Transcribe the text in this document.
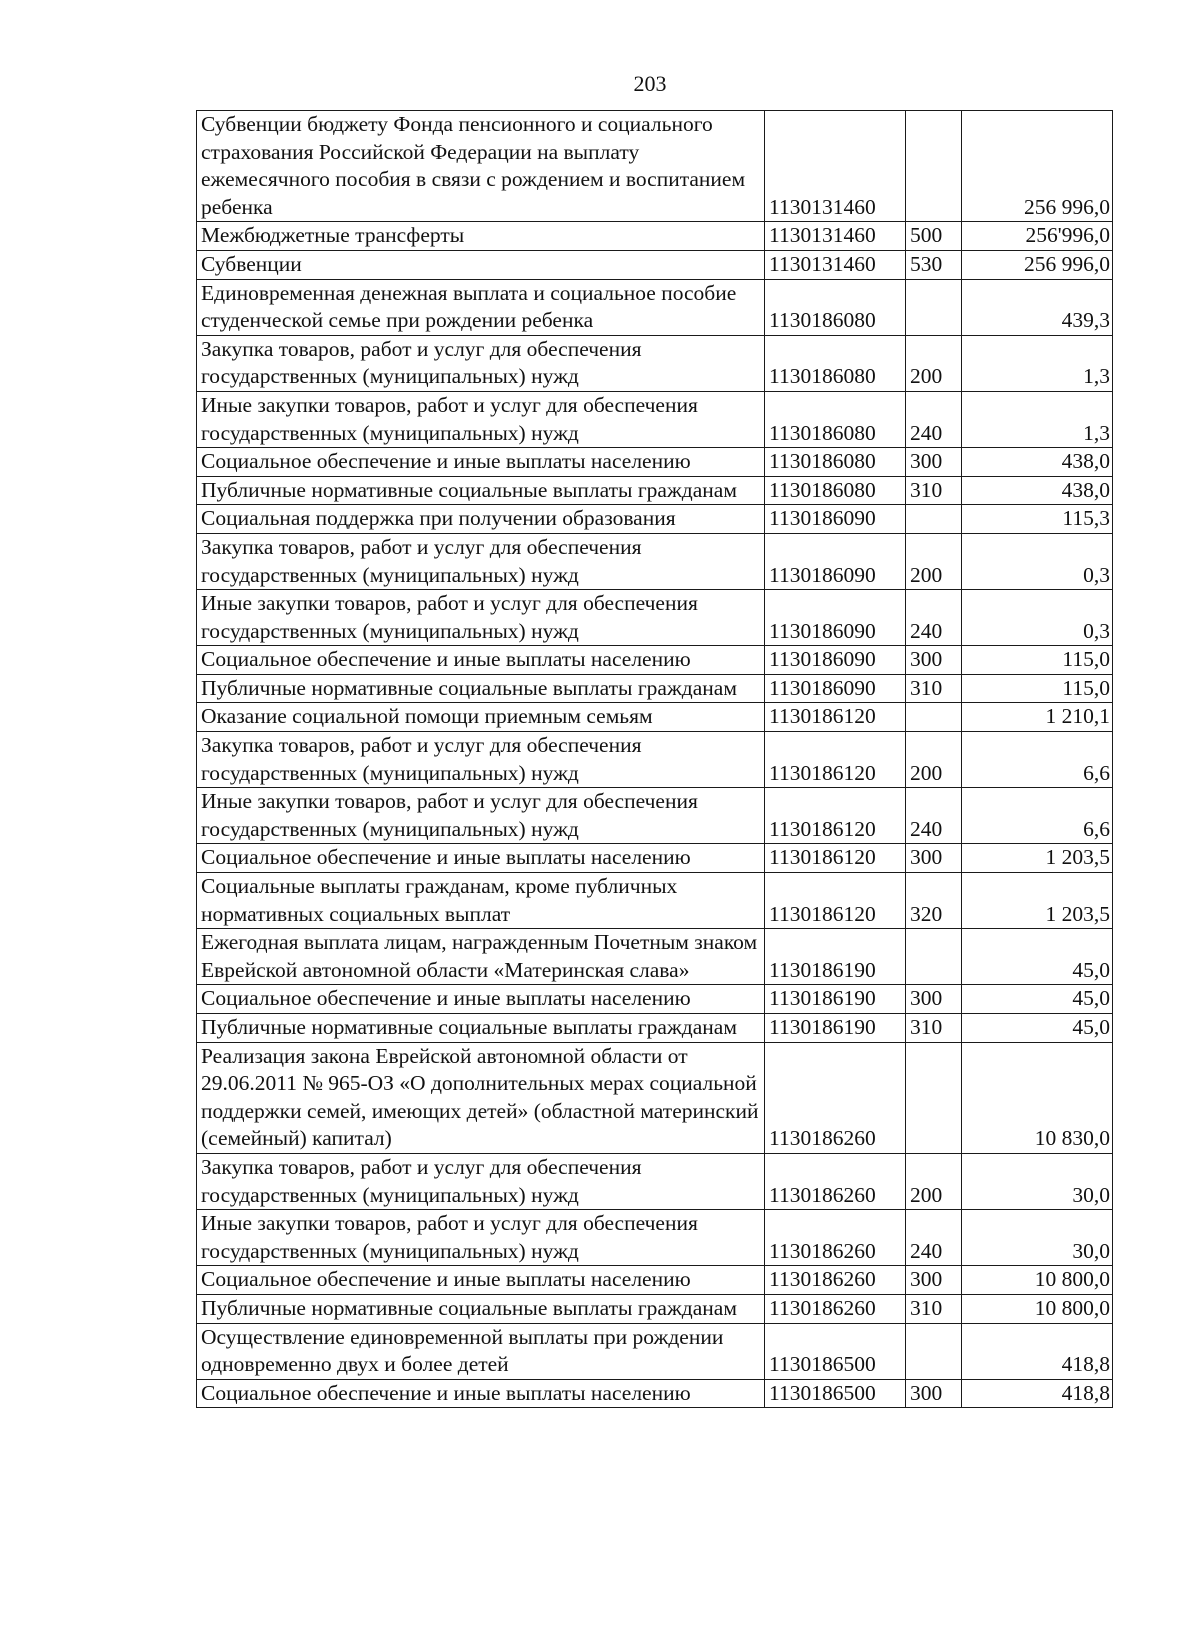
203
Субвенции бюджету Фонда пенсионного и социального страхования Российской Федерации на выплату ежемесячного пособия в связи с рождением и воспитанием ребенка	1130131460		256 996,0
Межбюджетные трансферты	1130131460	500	256'996,0
Субвенции	1130131460	530	256 996,0
Единовременная денежная выплата и социальное пособие студенческой семье при рождении ребенка	1130186080		439,3
Закупка товаров, работ и услуг для обеспечения государственных (муниципальных) нужд	1130186080	200	1,3
Иные закупки товаров, работ и услуг для обеспечения государственных (муниципальных) нужд	1130186080	240	1,3
Социальное обеспечение и иные выплаты населению	1130186080	300	438,0
Публичные нормативные социальные выплаты гражданам	1130186080	310	438,0
Социальная поддержка при получении образования	1130186090		115,3
Закупка товаров, работ и услуг для обеспечения государственных (муниципальных) нужд	1130186090	200	0,3
Иные закупки товаров, работ и услуг для обеспечения государственных (муниципальных) нужд	1130186090	240	0,3
Социальное обеспечение и иные выплаты населению	1130186090	300	115,0
Публичные нормативные социальные выплаты гражданам	1130186090	310	115,0
Оказание социальной помощи приемным семьям	1130186120		1 210,1
Закупка товаров, работ и услуг для обеспечения государственных (муниципальных) нужд	1130186120	200	6,6
Иные закупки товаров, работ и услуг для обеспечения государственных (муниципальных) нужд	1130186120	240	6,6
Социальное обеспечение и иные выплаты населению	1130186120	300	1 203,5
Социальные выплаты гражданам, кроме публичных нормативных социальных выплат	1130186120	320	1 203,5
Ежегодная выплата лицам, награжденным Почетным знаком Еврейской автономной области «Материнская слава»	1130186190		45,0
Социальное обеспечение и иные выплаты населению	1130186190	300	45,0
Публичные нормативные социальные выплаты гражданам	1130186190	310	45,0
Реализация закона Еврейской автономной области от 29.06.2011 № 965-ОЗ «О дополнительных мерах социальной поддержки семей, имеющих детей» (областной материнский (семейный) капитал)	1130186260		10 830,0
Закупка товаров, работ и услуг для обеспечения государственных (муниципальных) нужд	1130186260	200	30,0
Иные закупки товаров, работ и услуг для обеспечения государственных (муниципальных) нужд	1130186260	240	30,0
Социальное обеспечение и иные выплаты населению	1130186260	300	10 800,0
Публичные нормативные социальные выплаты гражданам	1130186260	310	10 800,0
Осуществление единовременной выплаты при рождении одновременно двух и более детей	1130186500		418,8
Социальное обеспечение и иные выплаты населению	1130186500	300	418,8
